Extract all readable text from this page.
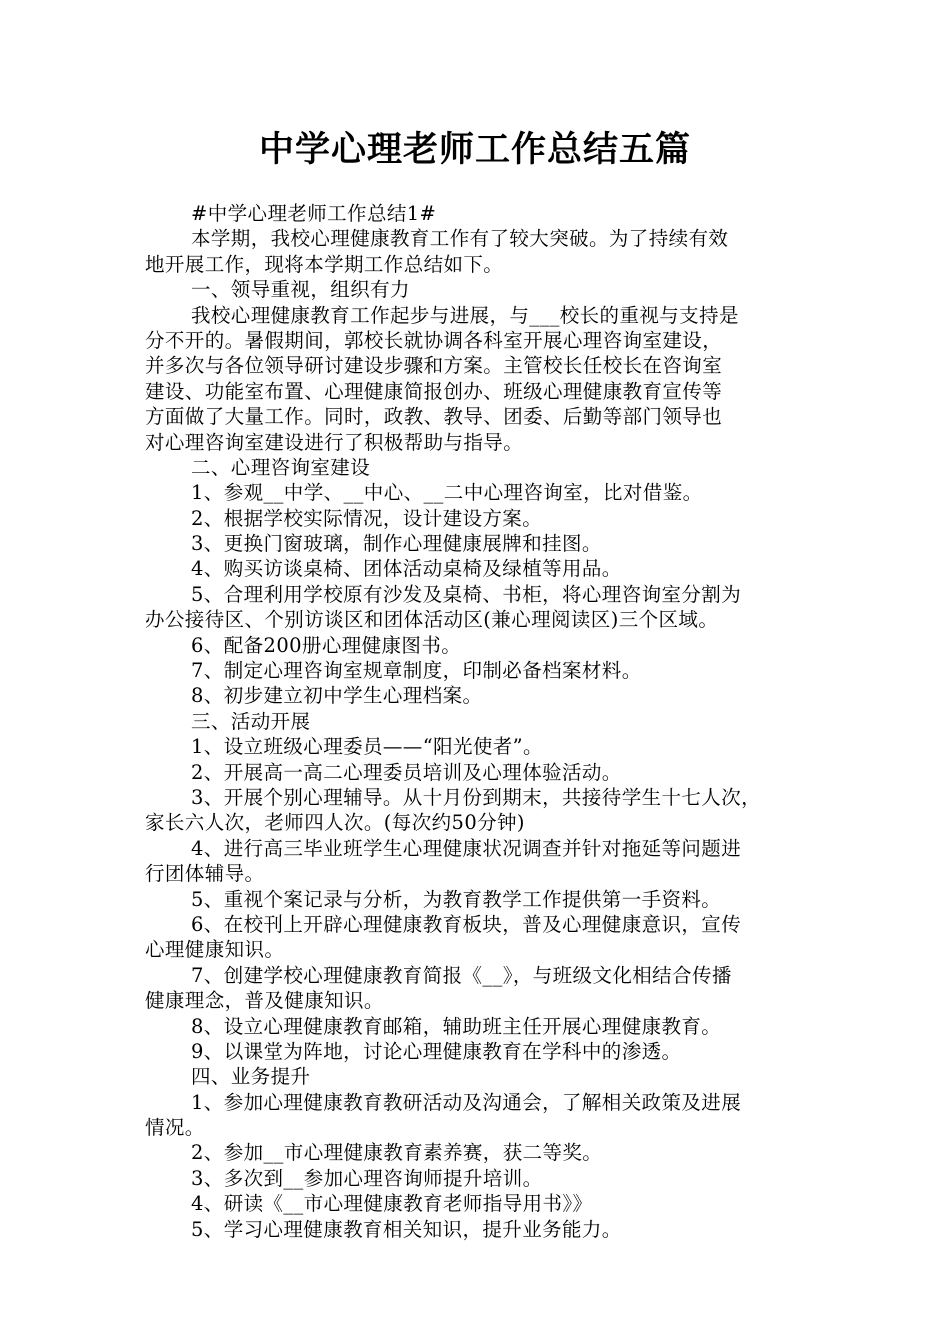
中学心理老师工作总结五篇
#中学心理老师工作总结1#
本学期，我校心理健康教育工作有了较大突破。为了持续有效
地开展工作，现将本学期工作总结如下。
一、领导重视，组织有力
我校心理健康教育工作起步与进展，与___校长的重视与支持是
分不开的。暑假期间，郭校长就协调各科室开展心理咨询室建设，
并多次与各位领导研讨建设步骤和方案。主管校长任校长在咨询室
建设、功能室布置、心理健康简报创办、班级心理健康教育宣传等
方面做了大量工作。同时，政教、教导、团委、后勤等部门领导也
对心理咨询室建设进行了积极帮助与指导。
二、心理咨询室建设
1、参观__中学、__中心、__二中心理咨询室，比对借鉴。
2、根据学校实际情况，设计建设方案。
3、更换门窗玻璃，制作心理健康展牌和挂图。
4、购买访谈桌椅、团体活动桌椅及绿植等用品。
5、合理利用学校原有沙发及桌椅、书柜，将心理咨询室分割为
办公接待区、个别访谈区和团体活动区(兼心理阅读区)三个区域。
6、配备200册心理健康图书。
7、制定心理咨询室规章制度，印制必备档案材料。
8、初步建立初中学生心理档案。
三、活动开展
1、设立班级心理委员——“阳光使者”。
2、开展高一高二心理委员培训及心理体验活动。
3、开展个别心理辅导。从十月份到期末，共接待学生十七人次，
家长六人次，老师四人次。(每次约50分钟)
4、进行高三毕业班学生心理健康状况调查并针对拖延等问题进
行团体辅导。
5、重视个案记录与分析，为教育教学工作提供第一手资料。
6、在校刊上开辟心理健康教育板块，普及心理健康意识，宣传
心理健康知识。
7、创建学校心理健康教育简报《__》，与班级文化相结合传播
健康理念，普及健康知识。
8、设立心理健康教育邮箱，辅助班主任开展心理健康教育。
9、以课堂为阵地，讨论心理健康教育在学科中的渗透。
四、业务提升
1、参加心理健康教育教研活动及沟通会，了解相关政策及进展
情况。
2、参加__市心理健康教育素养赛，获二等奖。
3、多次到__参加心理咨询师提升培训。
4、研读《__市心理健康教育老师指导用书》》
5、学习心理健康教育相关知识，提升业务能力。
